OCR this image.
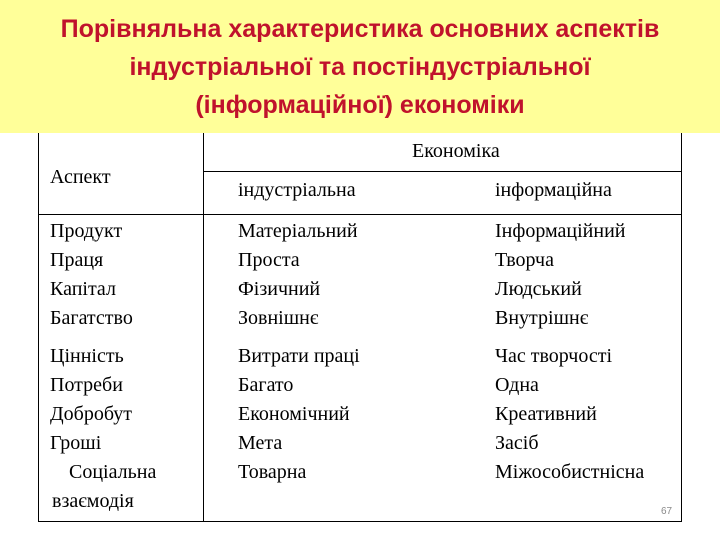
Порівняльна характеристика основних аспектів
індустріальної та постіндустріальної
(інформаційної) економіки
Аспект
Економіка
індустріальна	інформаційна
Продукт
Праця
Капітал
Багатство
Матеріальний
Проста
Фізичний
Зовнішнє
Інформаційний
Творча
Людський
Внутрішнє
Цінність
Потреби
Добробут
Гроші
Соціальна
взаємодія
Витрати праці
Багато
Економічний
Мета
Товарна
Час творчості
Одна
Креативний
Засіб
Міжособистнісна
67
